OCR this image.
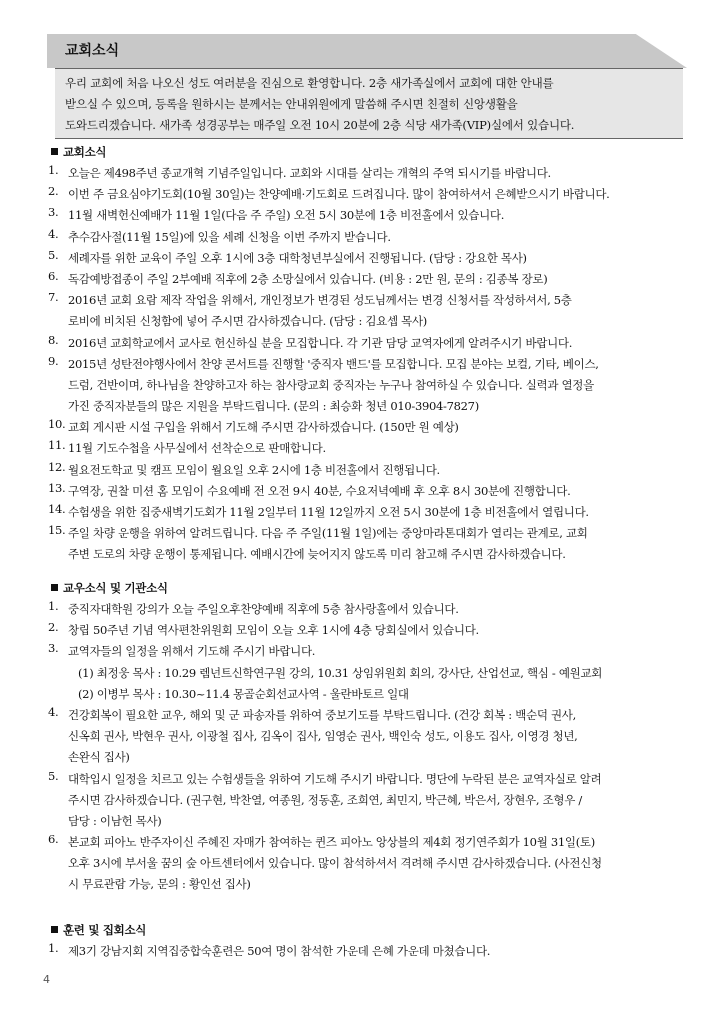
교회소식
우리 교회에 처음 나오신 성도 여러분을 진심으로 환영합니다. 2층 새가족실에서 교회에 대한 안내를
받으실 수 있으며, 등록을 원하시는 분께서는 안내위원에게 말씀해 주시면 친절히 신앙생활을
도와드리겠습니다. 새가족 성경공부는 매주일 오전 10시 20분에 2층 식당 새가족(VIP)실에서 있습니다.
교회소식
1. 오늘은 제498주년 종교개혁 기념주일입니다. 교회와 시대를 살리는 개혁의 주역 되시기를 바랍니다.
2. 이번 주 금요심야기도회(10월 30일)는 찬양예배·기도회로 드려집니다. 많이 참여하셔서 은혜받으시기 바랍니다.
3. 11월 새벽헌신예배가 11월 1일(다음 주 주일) 오전 5시 30분에 1층 비전홀에서 있습니다.
4. 추수감사절(11월 15일)에 있을 세례 신청을 이번 주까지 받습니다.
5. 세례자를 위한 교육이 주일 오후 1시에 3층 대학청년부실에서 진행됩니다. (담당 : 강요한 목사)
6. 독감예방접종이 주일 2부예배 직후에 2층 소망실에서 있습니다. (비용 : 2만 원, 문의 : 김종복 장로)
7. 2016년 교회 요람 제작 작업을 위해서, 개인정보가 변경된 성도님께서는 변경 신청서를 작성하셔서, 5층
로비에 비치된 신청함에 넣어 주시면 감사하겠습니다. (담당 : 김요셉 목사)
8. 2016년 교회학교에서 교사로 헌신하실 분을 모집합니다. 각 기관 담당 교역자에게 알려주시기 바랍니다.
9. 2015년 성탄전야행사에서 찬양 콘서트를 진행할 '중직자 밴드'를 모집합니다. 모집 분야는 보컬, 기타, 베이스,
드럼, 건반이며, 하나님을 찬양하고자 하는 참사랑교회 중직자는 누구나 참여하실 수 있습니다. 실력과 열정을
가진 중직자분들의 많은 지원을 부탁드립니다. (문의 : 최승화 청년 010-3904-7827)
10. 교회 게시판 시설 구입을 위해서 기도해 주시면 감사하겠습니다. (150만 원 예상)
11. 11월 기도수첩을 사무실에서 선착순으로 판매합니다.
12. 월요전도학교 및 캠프 모임이 월요일 오후 2시에 1층 비전홀에서 진행됩니다.
13. 구역장, 권찰 미션 홈 모임이 수요예배 전 오전 9시 40분, 수요저녁예배 후 오후 8시 30분에 진행합니다.
14. 수험생을 위한 집중새벽기도회가 11월 2일부터 11월 12일까지 오전 5시 30분에 1층 비전홀에서 열립니다.
15. 주일 차량 운행을 위하여 알려드립니다. 다음 주 주일(11월 1일)에는 중앙마라톤대회가 열리는 관계로, 교회
주변 도로의 차량 운행이 통제됩니다. 예배시간에 늦어지지 않도록 미리 참고해 주시면 감사하겠습니다.
교우소식 및 기관소식
1. 중직자대학원 강의가 오늘 주일오후찬양예배 직후에 5층 참사랑홀에서 있습니다.
2. 창립 50주년 기념 역사편찬위원회 모임이 오늘 오후 1시에 4층 당회실에서 있습니다.
3. 교역자들의 일정을 위해서 기도해 주시기 바랍니다.
(1) 최정웅 목사 : 10.29 렘넌트신학연구원 강의, 10.31 상임위원회 회의, 강사단, 산업선교, 핵심 - 예원교회
(2) 이병부 목사 : 10.30~11.4 몽골순회선교사역 - 울란바토르 일대
4. 건강회복이 필요한 교우, 해외 및 군 파송자를 위하여 중보기도를 부탁드립니다. (건강 회복 : 백순덕 권사,
신옥희 권사, 박현우 권사, 이광철 집사, 김옥이 집사, 임영순 권사, 백인숙 성도, 이용도 집사, 이영경 청년,
손완식 집사)
5. 대학입시 일정을 치르고 있는 수험생들을 위하여 기도해 주시기 바랍니다. 명단에 누락된 분은 교역자실로 알려
주시면 감사하겠습니다. (권구현, 박찬열, 여종원, 정동훈, 조희연, 최민지, 박근혜, 박은서, 장현우, 조형우 /
담당 : 이남헌 목사)
6. 본교회 피아노 반주자이신 주혜진 자매가 참여하는 퀸즈 피아노 앙상블의 제4회 정기연주회가 10월 31일(토)
오후 3시에 부서울 꿈의 숲 아트센터에서 있습니다. 많이 참석하셔서 격려해 주시면 감사하겠습니다. (사전신청
시 무료관람 가능, 문의 : 황인선 집사)
훈련 및 집회소식
1. 제3기 강남지회 지역집중합숙훈련은 50여 명이 참석한 가운데 은혜 가운데 마쳤습니다.
4
